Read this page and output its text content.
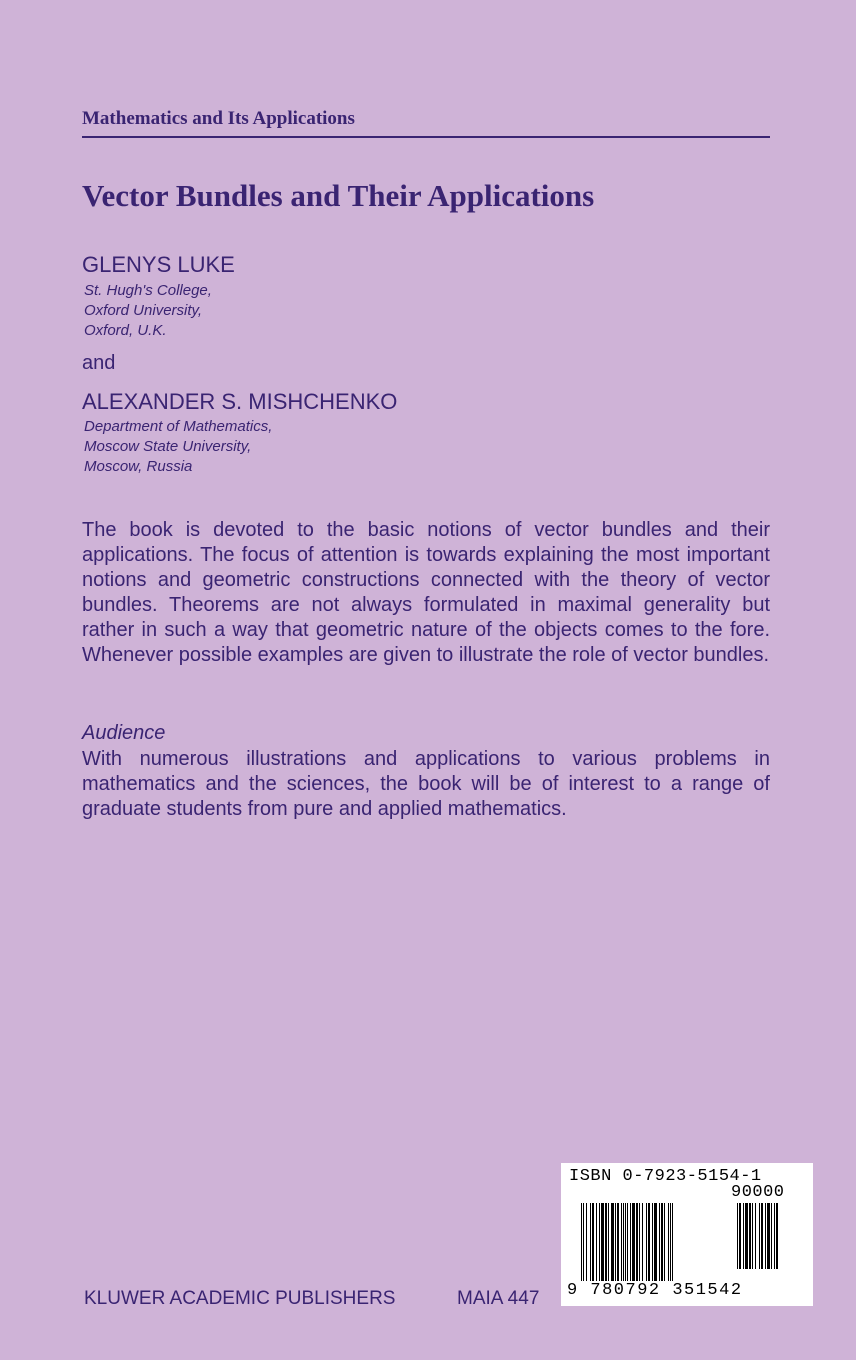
Mathematics and Its Applications
Vector Bundles and Their Applications
GLENYS LUKE
St. Hugh's College,
Oxford University,
Oxford, U.K.
and
ALEXANDER S. MISHCHENKO
Department of Mathematics,
Moscow State University,
Moscow, Russia

The book is devoted to the basic notions of vector bundles and their applications. The focus of attention is towards explaining the most important notions and geometric constructions connected with the theory of vector bundles. Theorems are not always formulated in maximal generality but rather in such a way that geometric nature of the objects comes to the fore. Whenever possible examples are given to illustrate the role of vector bundles.

Audience

With numerous illustrations and applications to various problems in mathematics and the sciences, the book will be of interest to a range of graduate students from pure and applied mathematics.

KLUWER ACADEMIC PUBLISHERS	MAIA 447
ISBN 0-7923-5154-1
90000
9 780792 351542
